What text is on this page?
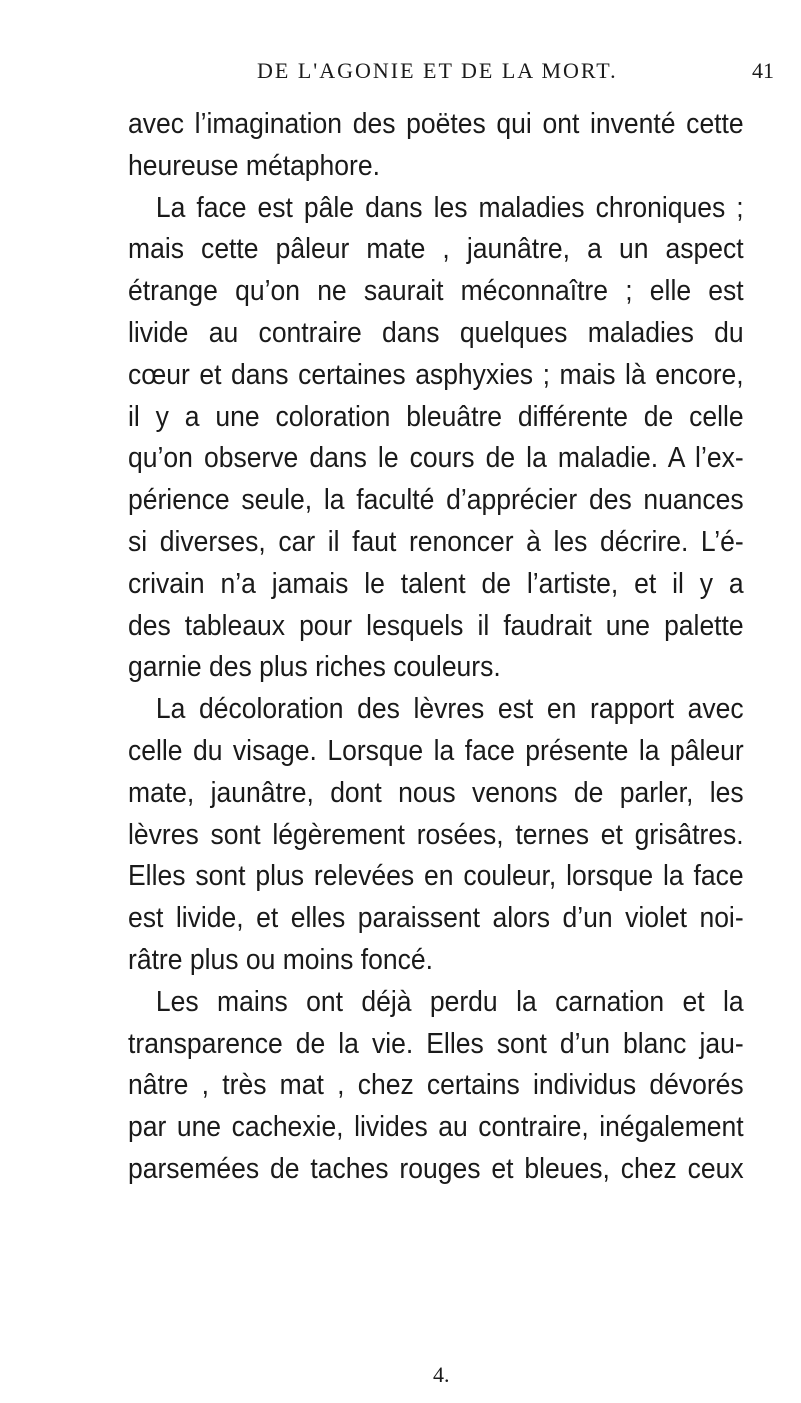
DE L'AGONIE ET DE LA MORT.	41
avec l’imagination des poëtes qui ont inventé cette
heureuse métaphore.
La face est pâle dans les maladies chroniques ;
mais cette pâleur mate , jaunâtre, a un aspect
étrange qu’on ne saurait méconnaître ; elle est
livide au contraire dans quelques maladies du
cœur et dans certaines asphyxies ; mais là encore,
il y a une coloration bleuâtre différente de celle
qu’on observe dans le cours de la maladie. A l’ex-
périence seule, la faculté d’apprécier des nuances
si diverses, car il faut renoncer à les décrire. L’é-
crivain n’a jamais le talent de l’artiste, et il y a
des tableaux pour lesquels il faudrait une palette
garnie des plus riches couleurs.
La décoloration des lèvres est en rapport avec
celle du visage. Lorsque la face présente la pâleur
mate, jaunâtre, dont nous venons de parler, les
lèvres sont légèrement rosées, ternes et grisâtres.
Elles sont plus relevées en couleur, lorsque la face
est livide, et elles paraissent alors d’un violet noi-
râtre plus ou moins foncé.
Les mains ont déjà perdu la carnation et la
transparence de la vie. Elles sont d’un blanc jau-
nâtre , très mat , chez certains individus dévorés
par une cachexie, livides au contraire, inégalement
parsemées de taches rouges et bleues, chez ceux
4.
